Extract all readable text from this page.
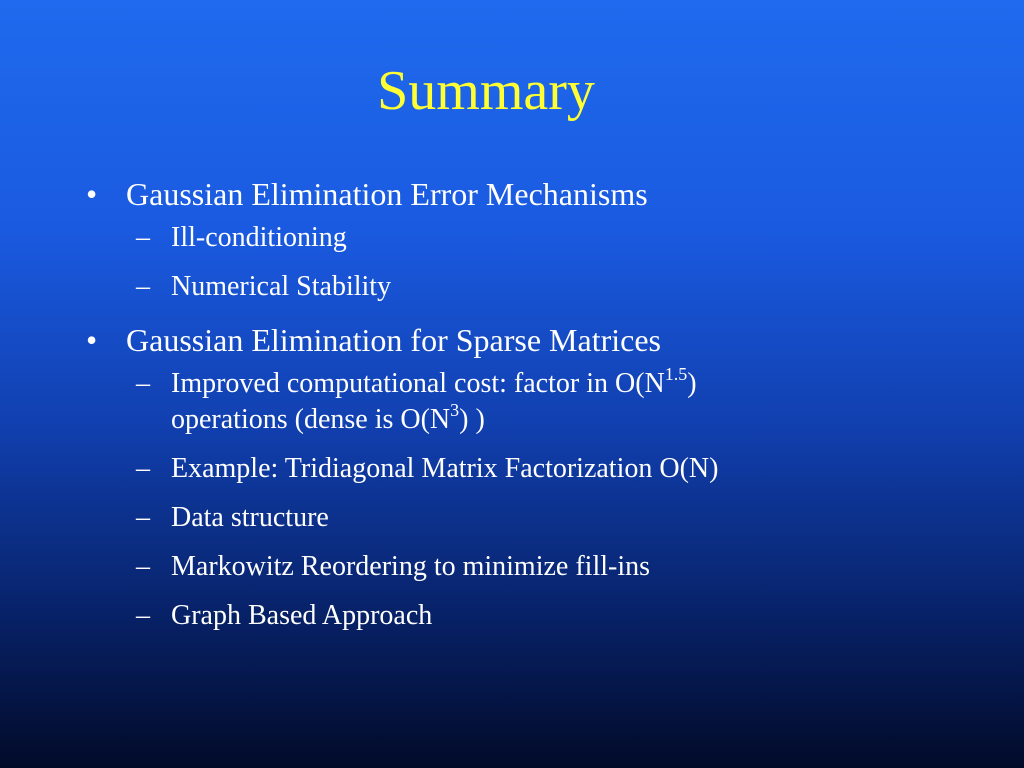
Summary
• Gaussian Elimination Error Mechanisms
– Ill-conditioning
– Numerical Stability
• Gaussian Elimination for Sparse Matrices
– Improved computational cost: factor in $O(N^{1.5})$
operations (dense is $O(N^3)$ )
– Example: Tridiagonal Matrix Factorization O(N)
– Data structure
– Markowitz Reordering to minimize fill-ins
– Graph Based Approach
